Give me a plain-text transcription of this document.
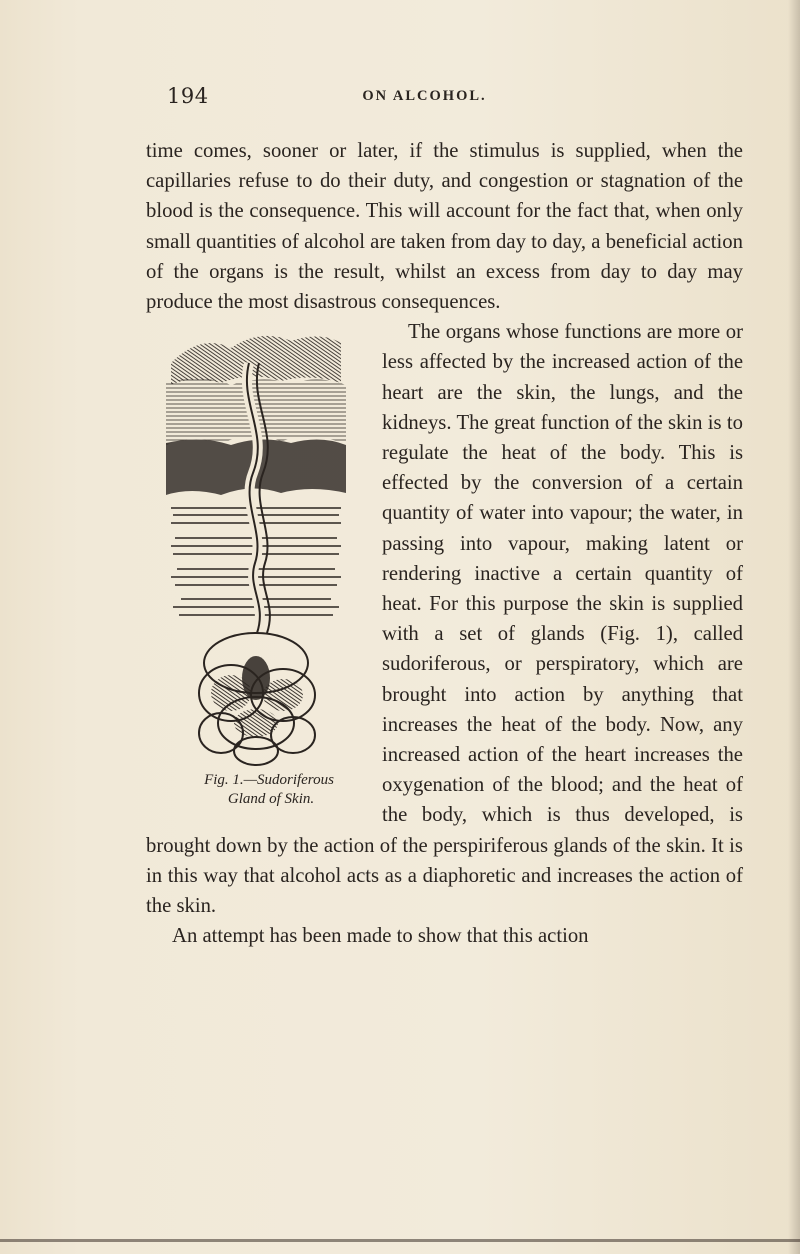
194	ON ALCOHOL.

time comes, sooner or later, if the stimulus is supplied, when the capillaries refuse to do their duty, and congestion or stagnation of the blood is the consequence. This will account for the fact that, when only small quantities of alcohol are taken from day to day, a beneficial action of the organs is the result, whilst an excess from day to day may produce the most disastrous consequences.

Fig. 1.—Sudoriferous
Gland of Skin.
The organs whose functions are more or less affected by the increased action of the heart are the skin, the lungs, and the kidneys. The great function of the skin is to regulate the heat of the body. This is effected by the conversion of a certain quantity of water into vapour; the water, in passing into vapour, making latent or rendering inactive a certain quantity of heat. For this purpose the skin is supplied with a set of glands (Fig. 1), called sudoriferous, or perspiratory, which are brought into action by anything that increases the heat of the body. Now, any increased action of the heart increases the oxygenation of the blood; and the heat of the body, which is thus developed, is brought down by the action of the perspiriferous glands of the skin. It is in this way that alcohol acts as a diaphoretic and increases the action of the skin.

An attempt has been made to show that this action
